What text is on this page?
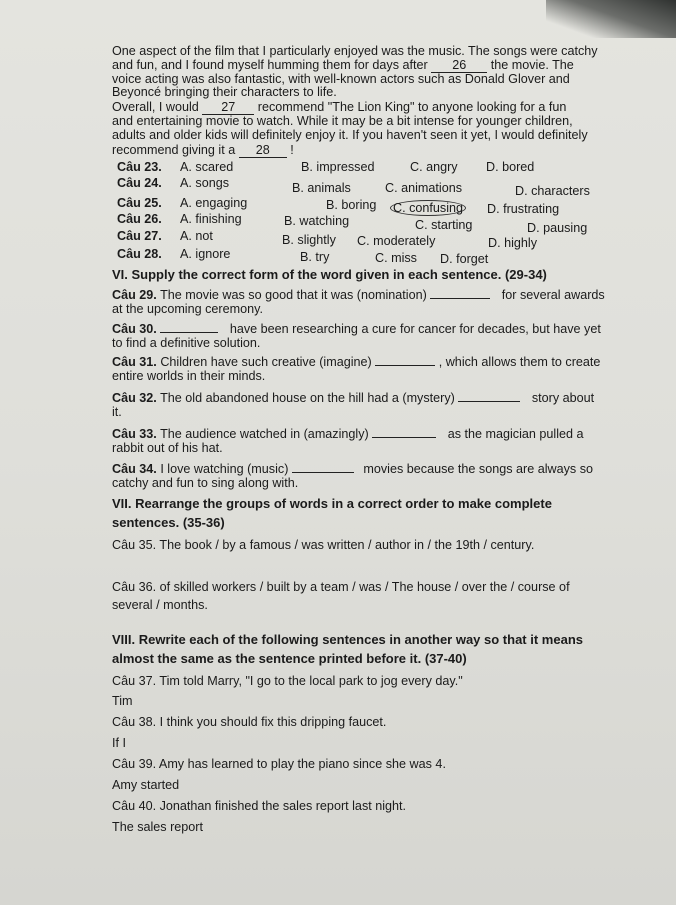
One aspect of the film that I particularly enjoyed was the music. The songs were catchy
and fun, and I found myself humming them for days after 26 the movie. The
voice acting was also fantastic, with well-known actors such as Donald Glover and
Beyoncé bringing their characters to life.
Overall, I would 27 recommend "The Lion King" to anyone looking for a fun
and entertaining movie to watch. While it may be a bit intense for younger children,
adults and older kids will definitely enjoy it. If you haven't seen it yet, I would definitely
recommend giving it a 28 !
Câu 23. A. scared	B. impressed	C. angry D. bored
Câu 24. A. songs	B. animals	C. animations	D. characters
Câu 25. A. engaging	B. boring C. confusing D. frustrating
Câu 26. A. finishing	B. watching	C. starting	D. pausing
Câu 27. A. not	B. slightly C. moderately	D. highly
Câu 28. A. ignore	B. try	C. miss D. forget
VI. Supply the correct form of the word given in each sentence. (29-34)
Câu 29. The movie was so good that it was (nomination)	for several awards
at the upcoming ceremony.
Câu 30.	have been researching a cure for cancer for decades, but have yet
to find a definitive solution.
Câu 31. Children have such creative (imagine)	, which allows them to create
entire worlds in their minds.
Câu 32. The old abandoned house on the hill had a (mystery)	story about
it.
Câu 33. The audience watched in (amazingly)	as the magician pulled a
rabbit out of his hat.
Câu 34. I love watching (music)	movies because the songs are always so
catchy and fun to sing along with.
VII. Rearrange the groups of words in a correct order to make complete
sentences. (35-36)
Câu 35. The book / by a famous / was written / author in / the 19th / century.
Câu 36. of skilled workers / built by a team / was / The house / over the / course of
several / months.
VIII. Rewrite each of the following sentences in another way so that it means
almost the same as the sentence printed before it. (37-40)
Câu 37. Tim told Marry, "I go to the local park to jog every day."
Tim
Câu 38. I think you should fix this dripping faucet.
If I
Câu 39. Amy has learned to play the piano since she was 4.
Amy started
Câu 40. Jonathan finished the sales report last night.
The sales report
